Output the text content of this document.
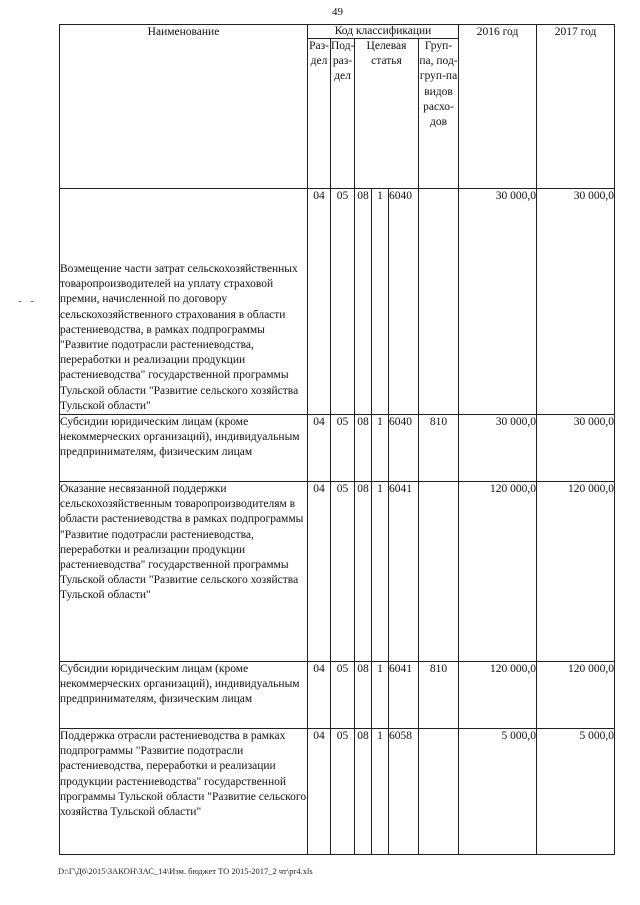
49
- -
Наименование	Код классификации						2016 год	2017 год
	Раз-дел	Под-раз-дел	Целевая статья			Груп-па, под-груп-па видов расхо-дов		
Возмещение части затрат сельскохозяйственных товаропроизводителей на уплату страховой премии, начисленной по договору сельскохозяйственного страхования в области растениеводства, в рамках подпрограммы "Развитие подотрасли растениеводства, переработки и реализации продукции растениеводства" государственной программы Тульской области "Развитие сельского хозяйства Тульской области"	04	05	08	1	6040		30 000,0	30 000,0
Субсидии юридическим лицам (кроме некоммерческих организаций), индивидуальным предпринимателям, физическим лицам	04	05	08	1	6040	810	30 000,0	30 000,0
Оказание несвязанной поддержки сельскохозяйственным товаропроизводителям в области растениеводства в рамках подпрограммы "Развитие подотрасли растениеводства, переработки и реализации продукции растениеводства" государственной программы Тульской области "Развитие сельского хозяйства Тульской области"	04	05	08	1	6041		120 000,0	120 000,0
Субсидии юридическим лицам (кроме некоммерческих организаций), индивидуальным предпринимателям, физическим лицам	04	05	08	1	6041	810	120 000,0	120 000,0
Поддержка отрасли растениеводства в рамках подпрограммы "Развитие подотрасли растениеводства, переработки и реализации продукции растениеводства" государственной программы Тульской области "Развитие сельского хозяйства Тульской области"	04	05	08	1	6058		5 000,0	5 000,0
D:\Г\Д6\2015\ЗАКОН\ЗАС_14\Изм. бюджет ТО 2015-2017_2 чт\pr4.xls
